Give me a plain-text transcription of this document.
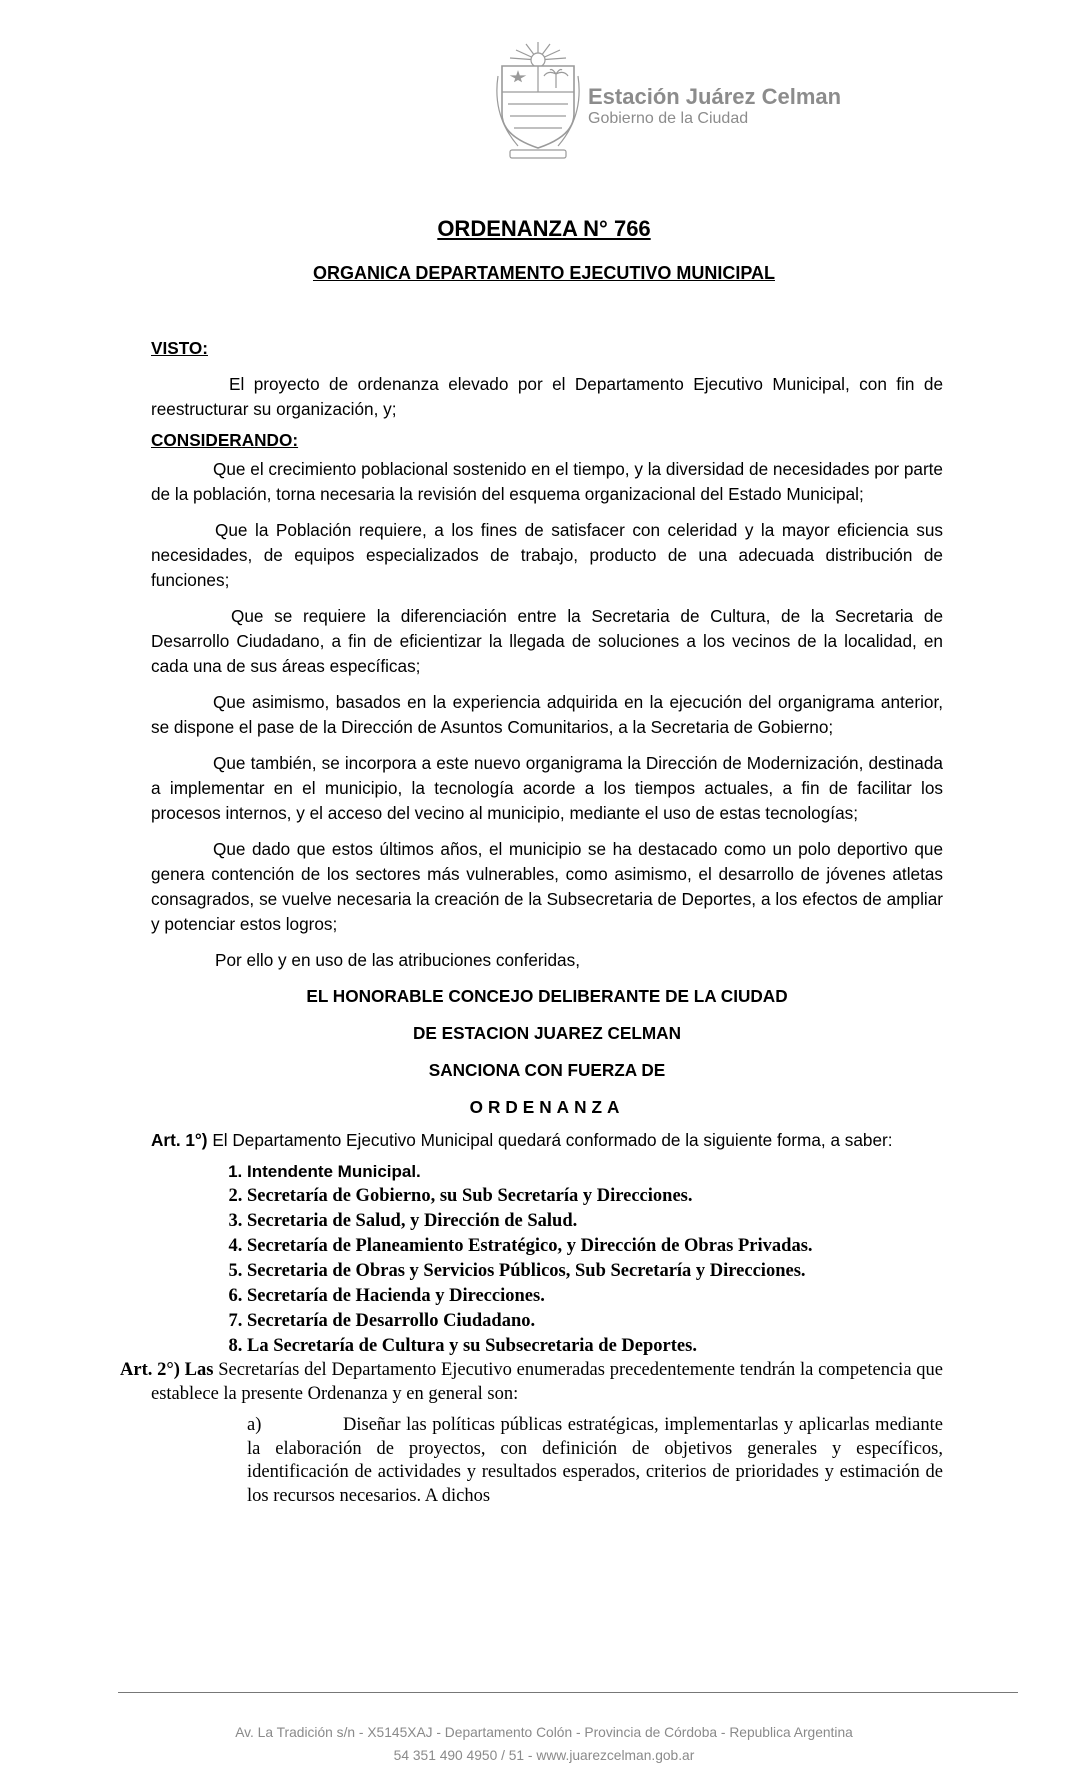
Estación Juárez Celman
Gobierno de la Ciudad
ORDENANZA N° 766
ORGANICA DEPARTAMENTO EJECUTIVO MUNICIPAL

VISTO:

El proyecto de ordenanza elevado por el Departamento Ejecutivo Municipal, con fin de reestructurar su organización, y;

CONSIDERANDO:

Que el crecimiento poblacional sostenido en el tiempo, y la diversidad de necesidades por parte de la población, torna necesaria la revisión del esquema organizacional del Estado Municipal;

Que la Población requiere, a los fines de satisfacer con celeridad y la mayor eficiencia sus necesidades, de equipos especializados de trabajo, producto de una adecuada distribución de funciones;

Que se requiere la diferenciación entre la Secretaria de Cultura, de la Secretaria de Desarrollo Ciudadano, a fin de eficientizar la llegada de soluciones a los vecinos de la localidad, en cada una de sus áreas específicas;

Que asimismo, basados en la experiencia adquirida en la ejecución del organigrama anterior, se dispone el pase de la Dirección de Asuntos Comunitarios, a la Secretaria de Gobierno;

Que también, se incorpora a este nuevo organigrama la Dirección de Modernización, destinada a implementar en el municipio, la tecnología acorde a los tiempos actuales, a fin de facilitar los procesos internos, y el acceso del vecino al municipio, mediante el uso de estas tecnologías;

Que dado que estos últimos años, el municipio se ha destacado como un polo deportivo que genera contención de los sectores más vulnerables, como asimismo, el desarrollo de jóvenes atletas consagrados, se vuelve necesaria la creación de la Subsecretaria de Deportes, a los efectos de ampliar y potenciar estos logros;

Por ello y en uso de las atribuciones conferidas,

EL HONORABLE CONCEJO DELIBERANTE DE LA CIUDAD

DE ESTACION JUAREZ CELMAN

SANCIONA CON FUERZA DE

ORDENANZA

Art. 1°) El Departamento Ejecutivo Municipal quedará conformado de la siguiente forma, a saber:

1. Intendente Municipal.
2. Secretaría de Gobierno, su Sub Secretaría y Direcciones.
3. Secretaria de Salud, y Dirección de Salud.
4. Secretaría de Planeamiento Estratégico, y Dirección de Obras Privadas.
5. Secretaria de Obras y Servicios Públicos, Sub Secretaría y Direcciones.
6. Secretaría de Hacienda y Direcciones.
7. Secretaría de Desarrollo Ciudadano.
8. La Secretaría de Cultura y su Subsecretaria de Deportes.

Art. 2°) Las Secretarías del Departamento Ejecutivo enumeradas precedentemente tendrán la competencia que establece la presente Ordenanza y en general son:

a)	Diseñar las políticas públicas estratégicas, implementarlas y aplicarlas mediante la elaboración de proyectos, con definición de objetivos generales y específicos, identificación de actividades y resultados esperados, criterios de prioridades y estimación de los recursos necesarios. A dichos

Av. La Tradición s/n - X5145XAJ - Departamento Colón - Provincia de Córdoba - Republica Argentina
54 351 490 4950 / 51 - www.juarezcelman.gob.ar
